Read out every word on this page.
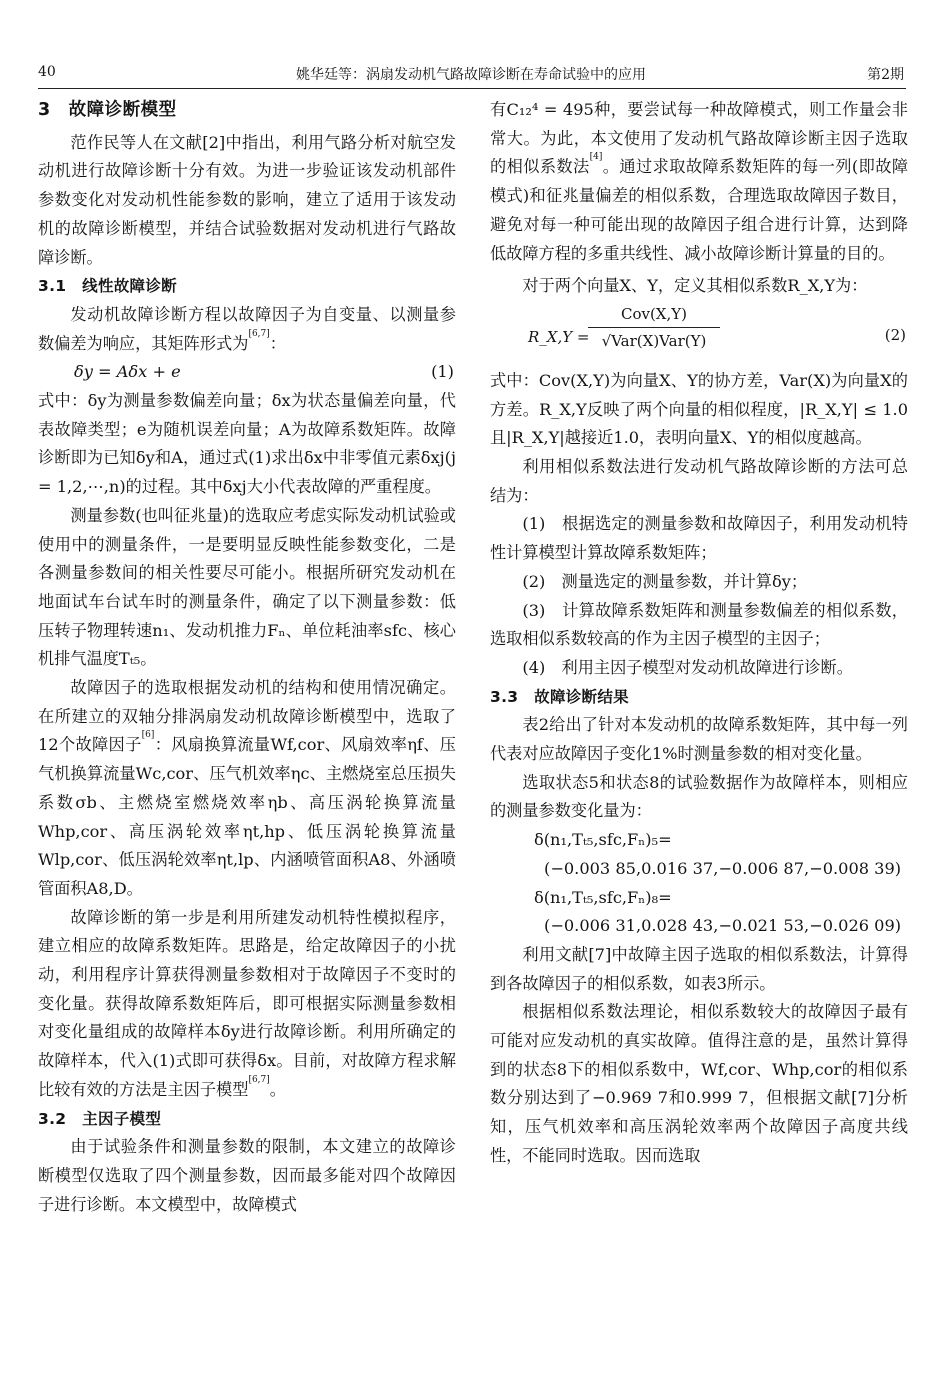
40	姚华廷等：涡扇发动机气路故障诊断在寿命试验中的应用	第2期
3　故障诊断模型

范作民等人在文献[2]中指出，利用气路分析对航空发动机进行故障诊断十分有效。为进一步验证该发动机部件参数变化对发动机性能参数的影响，建立了适用于该发动机的故障诊断模型，并结合试验数据对发动机进行气路故障诊断。

3.1　线性故障诊断

发动机故障诊断方程以故障因子为自变量、以测量参数偏差为响应，其矩阵形式为[6,7]：

δy = Aδx + e	(1)

式中：δy为测量参数偏差向量；δx为状态量偏差向量，代表故障类型；e为随机误差向量；A为故障系数矩阵。故障诊断即为已知δy和A，通过式(1)求出δx中非零值元素δxj(j = 1,2,⋯,n)的过程。其中δxj大小代表故障的严重程度。

测量参数(也叫征兆量)的选取应考虑实际发动机试验或使用中的测量条件，一是要明显反映性能参数变化，二是各测量参数间的相关性要尽可能小。根据所研究发动机在地面试车台试车时的测量条件，确定了以下测量参数：低压转子物理转速n₁、发动机推力Fₙ、单位耗油率sfc、核心机排气温度Tₜ₅。

故障因子的选取根据发动机的结构和使用情况确定。在所建立的双轴分排涡扇发动机故障诊断模型中，选取了12个故障因子[6]：风扇换算流量Wf,cor、风扇效率ηf、压气机换算流量Wc,cor、压气机效率ηc、主燃烧室总压损失系数σb、主燃烧室燃烧效率ηb、高压涡轮换算流量Whp,cor、高压涡轮效率ηt,hp、低压涡轮换算流量Wlp,cor、低压涡轮效率ηt,lp、内涵喷管面积A8、外涵喷管面积A8,D。

故障诊断的第一步是利用所建发动机特性模拟程序，建立相应的故障系数矩阵。思路是，给定故障因子的小扰动，利用程序计算获得测量参数相对于故障因子不变时的变化量。获得故障系数矩阵后，即可根据实际测量参数相对变化量组成的故障样本δy进行故障诊断。利用所确定的故障样本，代入(1)式即可获得δx。目前，对故障方程求解比较有效的方法是主因子模型[6,7]。

3.2　主因子模型

由于试验条件和测量参数的限制，本文建立的故障诊断模型仅选取了四个测量参数，因而最多能对四个故障因子进行诊断。本文模型中，故障模式

有C₁₂⁴ = 495种，要尝试每一种故障模式，则工作量会非常大。为此，本文使用了发动机气路故障诊断主因子选取的相似系数法[4]。通过求取故障系数矩阵的每一列(即故障模式)和征兆量偏差的相似系数，合理选取故障因子数目，避免对每一种可能出现的故障因子组合进行计算，达到降低故障方程的多重共线性、减小故障诊断计算量的目的。

对于两个向量X、Y，定义其相似系数R_X,Y为：

R_X,Y =
Cov(X,Y)
√Var(X)Var(Y)	(2)

式中：Cov(X,Y)为向量X、Y的协方差，Var(X)为向量X的方差。R_X,Y反映了两个向量的相似程度，|R_X,Y| ≤ 1.0且|R_X,Y|越接近1.0，表明向量X、Y的相似度越高。

利用相似系数法进行发动机气路故障诊断的方法可总结为：

(1)　根据选定的测量参数和故障因子，利用发动机特性计算模型计算故障系数矩阵；

(2)　测量选定的测量参数，并计算δy；

(3)　计算故障系数矩阵和测量参数偏差的相似系数，选取相似系数较高的作为主因子模型的主因子；

(4)　利用主因子模型对发动机故障进行诊断。

3.3　故障诊断结果

表2给出了针对本发动机的故障系数矩阵，其中每一列代表对应故障因子变化1%时测量参数的相对变化量。

选取状态5和状态8的试验数据作为故障样本，则相应的测量参数变化量为：

δ(n₁,Tₜ₅,sfc,Fₙ)₅=
(−0.003 85,0.016 37,−0.006 87,−0.008 39)
δ(n₁,Tₜ₅,sfc,Fₙ)₈=
(−0.006 31,0.028 43,−0.021 53,−0.026 09)

利用文献[7]中故障主因子选取的相似系数法，计算得到各故障因子的相似系数，如表3所示。

根据相似系数法理论，相似系数较大的故障因子最有可能对应发动机的真实故障。值得注意的是，虽然计算得到的状态8下的相似系数中，Wf,cor、Whp,cor的相似系数分别达到了−0.969 7和0.999 7，但根据文献[7]分析知，压气机效率和高压涡轮效率两个故障因子高度共线性，不能同时选取。因而选取
